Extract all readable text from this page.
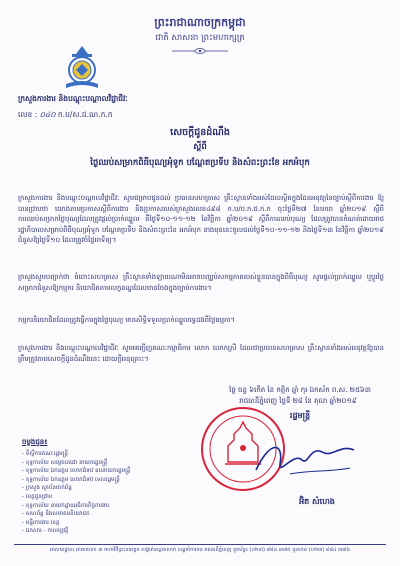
ព្រះរាជាណាចក្រកម្ពុជា
ជាតិ សាសនា ព្រះមហាក្សត្រ
ក្រសួងការងារ និងបណ្តុះបណ្តាលវិជ្ជាជីវៈ
លេខ : ០៤០ ក.ប/ស.ជ.ណ.ក.ក
សេចក្តីជូនដំណឹង
ស្តីពី
ថ្ងៃឈប់សម្រាកពិធីបុណ្យអុំទូក បណ្តែតប្រទីប និងសំពះព្រះខែ អកអំបុក
ក្រសួងការងារ និងបណ្តុះបណ្តាលវិជ្ជាជីវៈ សូមជម្រាបជូនដល់ ប្រធានសហគ្រាស គ្រឹះស្ថានទាំងអស់ដែលស្ថិតក្នុងដែនអនុវត្តនៃច្បាប់ស្តីពីការងារ ឱ្យបានជ្រាបថា យោងតាមប្រកាសស្តីពីការងារ និងប្រកាសរបស់ក្រសួងលេខ៤៩៨ ក.ប/ប.ក.ជ.ក.ក ចុះថ្ងៃទី២៧ ខែមករា ឆ្នាំ២០១៩ ស្តីពីការឈប់សម្រាកថ្ងៃបុណ្យដែលត្រូវផ្តល់ប្រាក់ឈ្នួល គឺថ្ងៃទី១០-១១-១២ ខែវិច្ឆិកា ឆ្នាំ២០១៩ ស្តីពីការឈប់បុណ្យ ដែលត្រូវបានកំណត់ដោយរាជរដ្ឋាភិបាលសម្រាប់ពិធីបុណ្យអុំទូក បណ្តែតប្រទីប និងសំពះព្រះខែ អកអំបុក ខាងមុខនេះចូលដល់ថ្ងៃទី១០-១១-១២ និងថ្ងៃទី១៣ ខែវិច្ឆិកា ឆ្នាំ២០១៩ ជំនួសឱ្យថ្ងៃទី១០ ដែលត្រូវចំថ្ងៃអាទិត្យ។
ក្រសួងសូមបញ្ជាក់ថា ចំពោះសហគ្រាស គ្រឹះស្ថានទាំងឡាយណាមិនអាចបញ្ឈប់សកម្មភាពរបស់ខ្លួនបានក្នុងពិធីបុណ្យ សូមផ្តល់ប្រាក់ឈ្នួល ឬប្តូរថ្ងៃសម្រាកជំនួសឱ្យកម្មករ និយោជិតតាមលក្ខខណ្ឌដែលមានចែងក្នុងច្បាប់ការងារ។
កម្មករនិយោជិតដែលត្រូវធ្វើការក្នុងថ្ងៃបុណ្យ មានសិទ្ធិទទួលប្រាក់ឈ្នួលទ្វេដងពីថ្ងៃធម្មតា។
ក្រសួងការងារ និងបណ្តុះបណ្តាលវិជ្ជាជីវៈ សូមអញ្ជើញគណៈកម្មាធិការ លោក លោកស្រី ដែលជាប្រធានសហគ្រាស គ្រឹះស្ថានទាំងអស់អនុវត្តឱ្យបានត្រឹមត្រូវតាមសេចក្តីជូនដំណឹងនេះ ដោយក្តីអនុគ្រោះ។
ថ្ងៃ ចន្ទ ៦កើត ខែ កត្តិក ឆ្នាំ កុរ ឯកស័ក ព.ស. ២៥៦៣
រាជធានីភ្នំពេញ ថ្ងៃទី ២៨ ខែ តុលា ឆ្នាំ២០១៩
រដ្ឋមន្ត្រី
អ៊ិត សំហេង
ចម្លងជូន៖
- ទីស្តីការគណៈរដ្ឋមន្ត្រី
- ខុទ្ទកាល័យ សម្តេចតេជោ នាយករដ្ឋមន្ត្រី
- ខុទ្ទកាល័យ ឯកឧត្តម លោកជំទាវ ឧបនាយករដ្ឋមន្ត្រី
- ខុទ្ទកាល័យ ឯកឧត្តម លោកជំទាវ ទេសរដ្ឋមន្ត្រី
- ក្រសួង ស្ថាប័នពាក់ព័ន្ធ
- ខេត្តជូនជ្រាប
- ខុទ្ទកាល័យ នាយកដ្ឋានអធិការកិច្ចការងារ
- សហព័ន្ធ និងសមាគមនិយោជក
- មន្ទីរការងារ ខេត្ត
- ឯកសារ - កាលប្បវត្តិ
អាសយដ្ឋាន៖ អាគារលេខ ៣ មហាវិថីព្រះនរោត្តម សង្កាត់ទន្លេបាសាក់ ខណ្ឌចំការមន រាជធានីភ្នំពេញ ទូរស័ព្ទ៖ (០២៣) ៨៨៤ ៣៧៥ ទូរសារ៖ (០២៣) ៨៨៤ ៣៧៦
